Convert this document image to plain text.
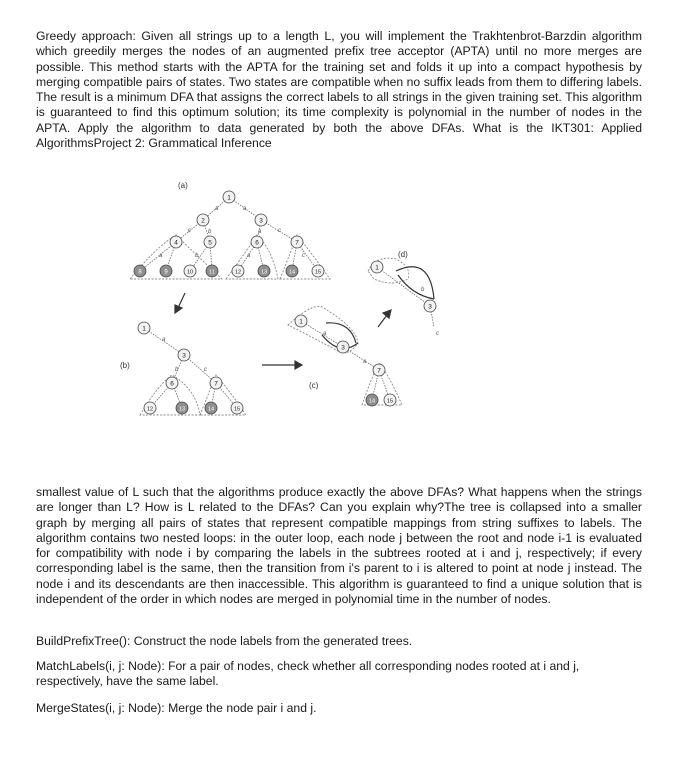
Greedy approach: Given all strings up to a length L, you will implement the Trakhtenbrot-Barzdin algorithm which greedily merges the nodes of an augmented prefix tree acceptor (APTA) until no more merges are possible. This method starts with the APTA for the training set and folds it up into a compact hypothesis by merging compatible pairs of states. Two states are compatible when no suffix leads from them to differing labels. The result is a minimum DFA that assigns the correct labels to all strings in the given training set. This algorithm is guaranteed to find this optimum solution; its time complexity is polynomial in the number of nodes in the APTA. Apply the algorithm to data generated by both the above DFAs. What is the IKT301: Applied AlgorithmsProject 2: Grammatical Inference

a	a
c	b	a	c
a	b	a	c
a
b	c
a
a
b
c
1
2	3
4	5	6	7
8	9	10	11	12	13	14	15
1
3
6	7
12	13	14	15
1
3
7
14 15
1
3
(a)
(b)
(c)
(d)

smallest value of L such that the algorithms produce exactly the above DFAs? What happens when the strings are longer than L? How is L related to the DFAs? Can you explain why?The tree is collapsed into a smaller graph by merging all pairs of states that represent compatible mappings from string suffixes to labels. The algorithm contains two nested loops: in the outer loop, each node j between the root and node i-1 is evaluated for compatibility with node i by comparing the labels in the subtrees rooted at i and j, respectively; if every corresponding label is the same, then the transition from i's parent to i is altered to point at node j instead. The node i and its descendants are then inaccessible. This algorithm is guaranteed to find a unique solution that is independent of the order in which nodes are merged in polynomial time in the number of nodes.

BuildPrefixTree(): Construct the node labels from the generated trees.

MatchLabels(i, j: Node): For a pair of nodes, check whether all corresponding nodes rooted at i and j, respectively, have the same label.

MergeStates(i, j: Node): Merge the node pair i and j.
